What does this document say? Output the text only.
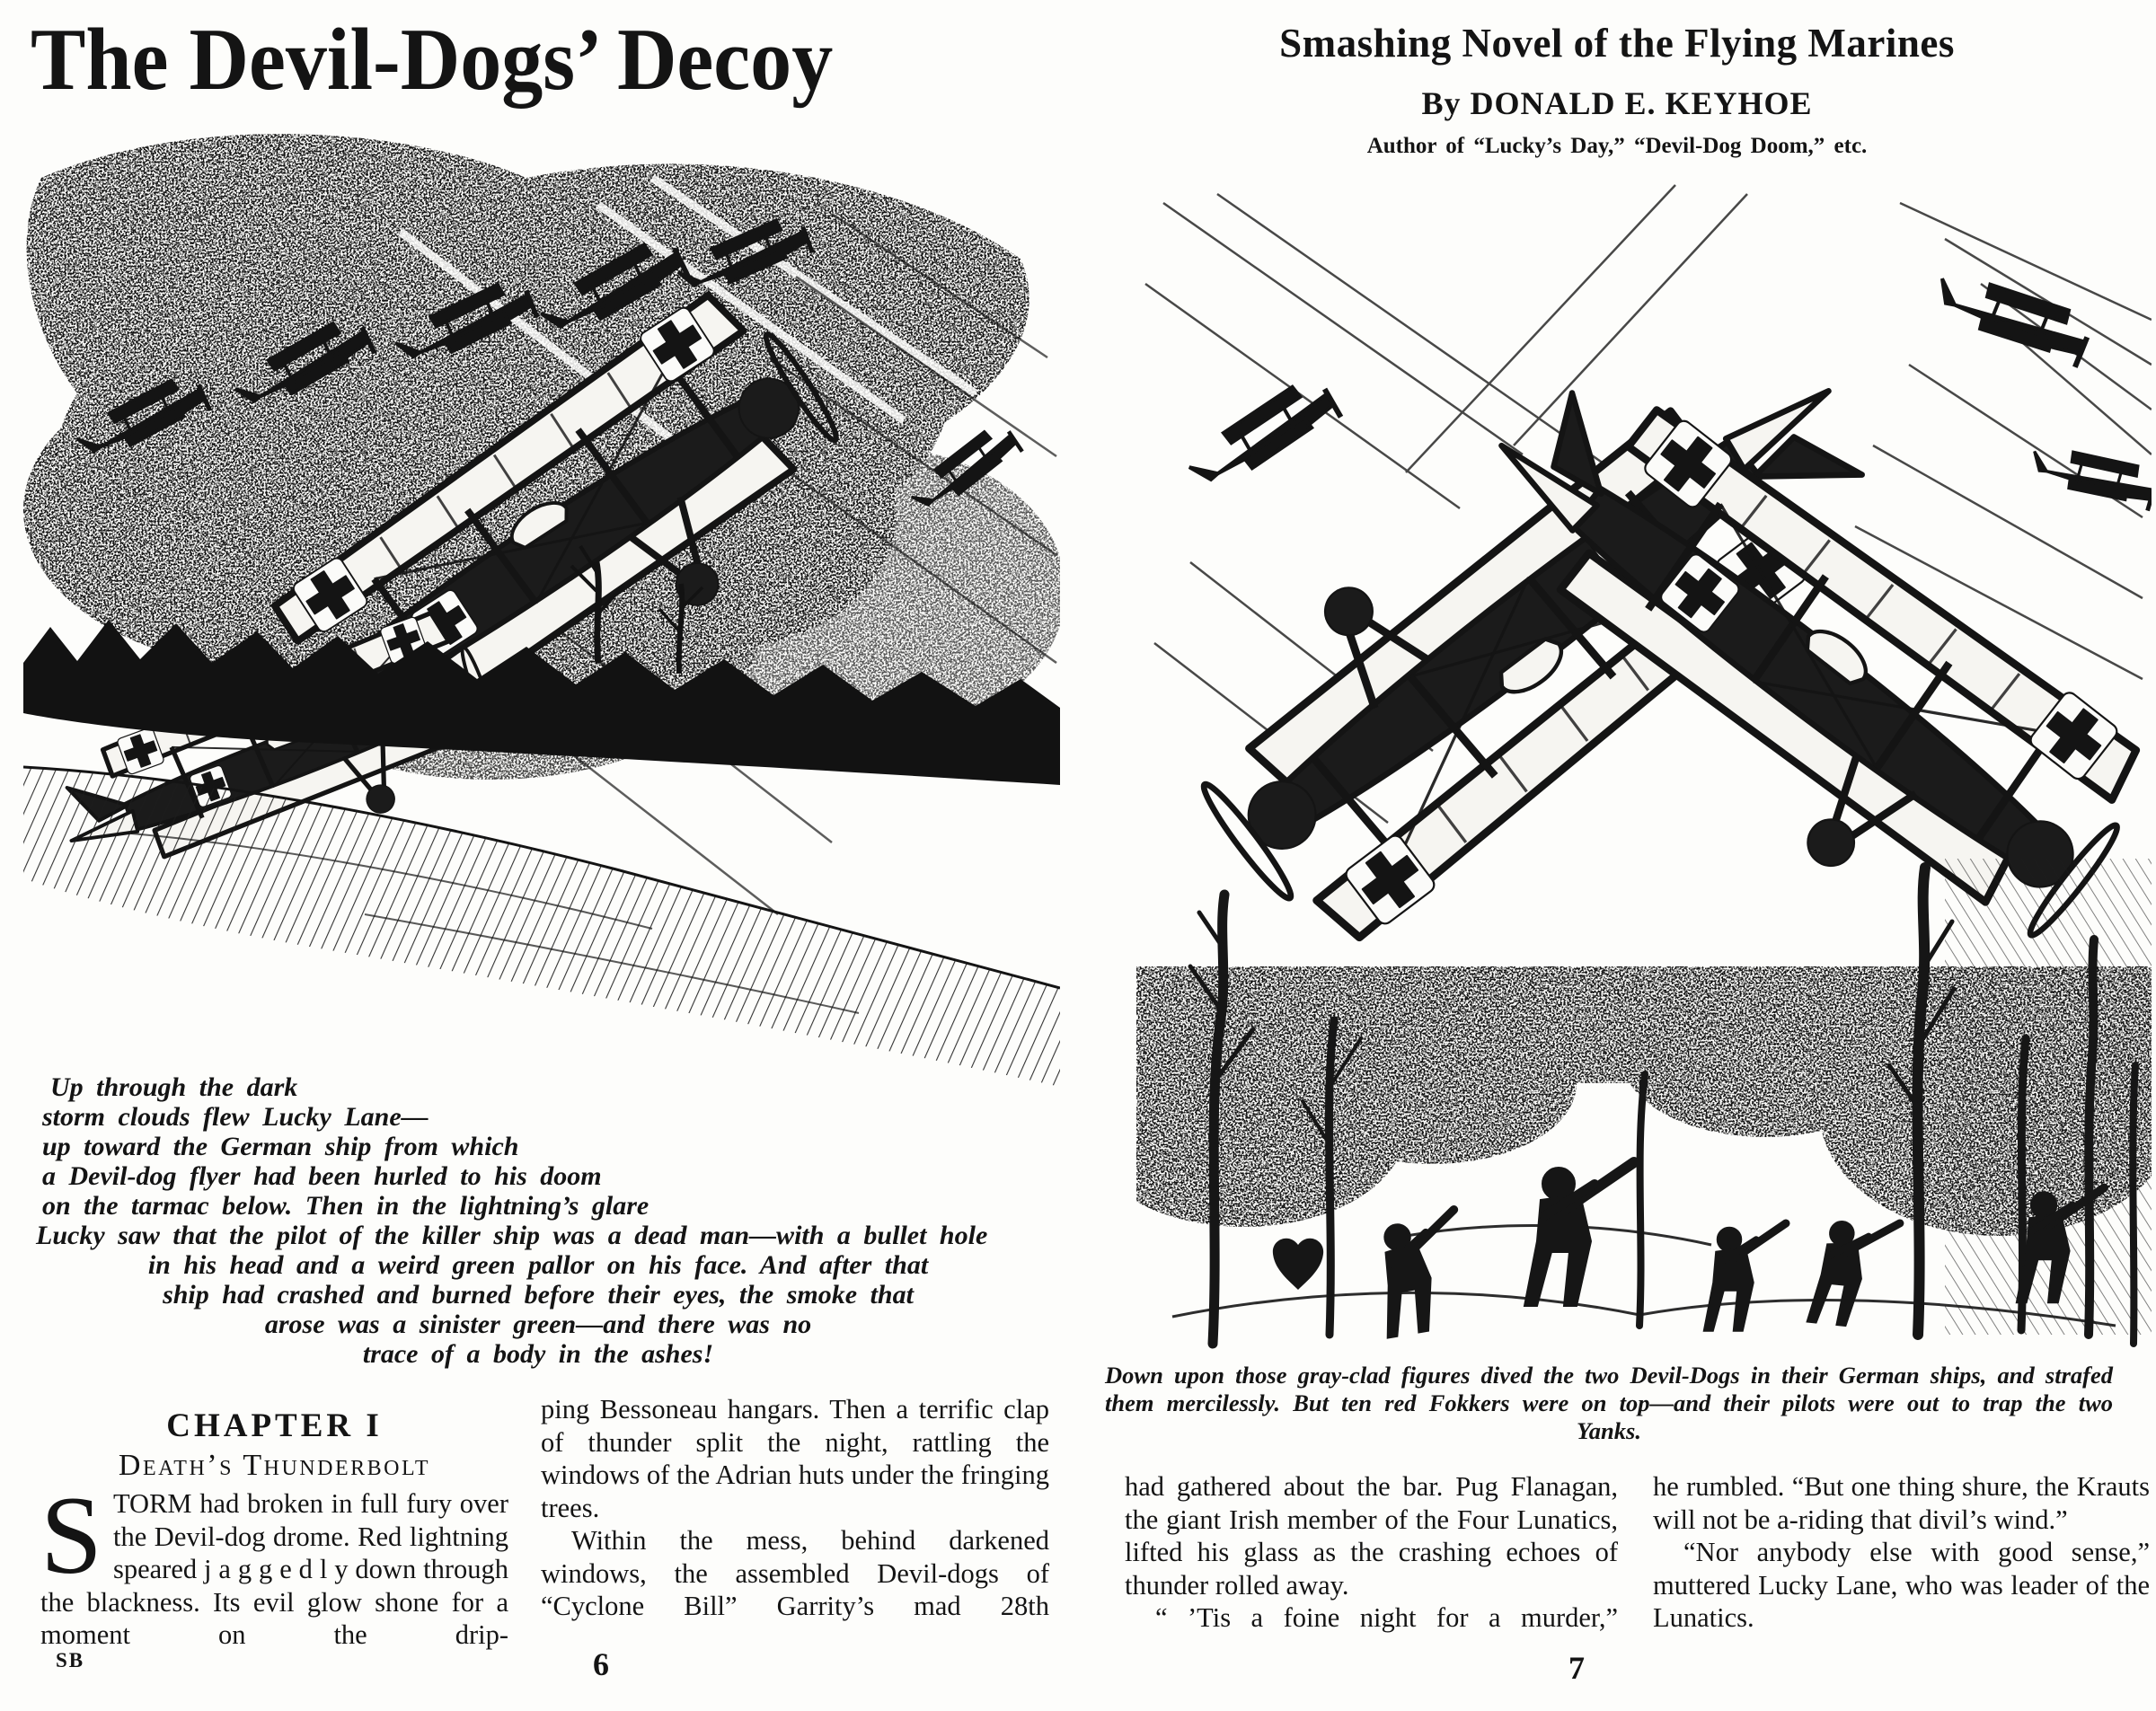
The Devil-Dogs’ Decoy
Up through the dark
storm clouds flew Lucky Lane—
up toward the German ship from which
a Devil-dog flyer had been hurled to his doom
on the tarmac below. Then in the lightning’s glare
Lucky saw that the pilot of the killer ship was a dead man—with a bullet hole
in his head and a weird green pallor on his face. And after that
ship had crashed and burned before their eyes, the smoke that
arose was a sinister green—and there was no
trace of a body in the ashes!
CHAPTER I
Death’s Thunderbolt

STORM had broken in full fury over the Devil-dog drome. Red lightning speared j a g g e d l y down through the blackness. Its evil glow shone for a moment on the drip-

ping Bessoneau hangars. Then a terrific clap of thunder split the night, rattling the windows of the Adrian huts under the fringing trees.

Within the mess, behind darkened windows, the assembled Devil-dogs of “Cyclone Bill” Garrity’s mad 28th

SB	6
Smashing Novel of the Flying Marines
By DONALD E. KEYHOE
Author of “Lucky’s Day,” “Devil-Dog Doom,” etc.
Down upon those gray-clad figures dived the two Devil-Dogs in their German ships, and strafed them mercilessly. But ten red Fokkers were on top—and their pilots were out to trap the two Yanks.

had gathered about the bar. Pug Flanagan, the giant Irish member of the Four Lunatics, lifted his glass as the crashing echoes of thunder rolled away.

“ ’Tis a foine night for a murder,”

he rumbled. “But one thing shure, the Krauts will not be a-riding that divil’s wind.”

“Nor anybody else with good sense,” muttered Lucky Lane, who was leader of the Lunatics.

7
